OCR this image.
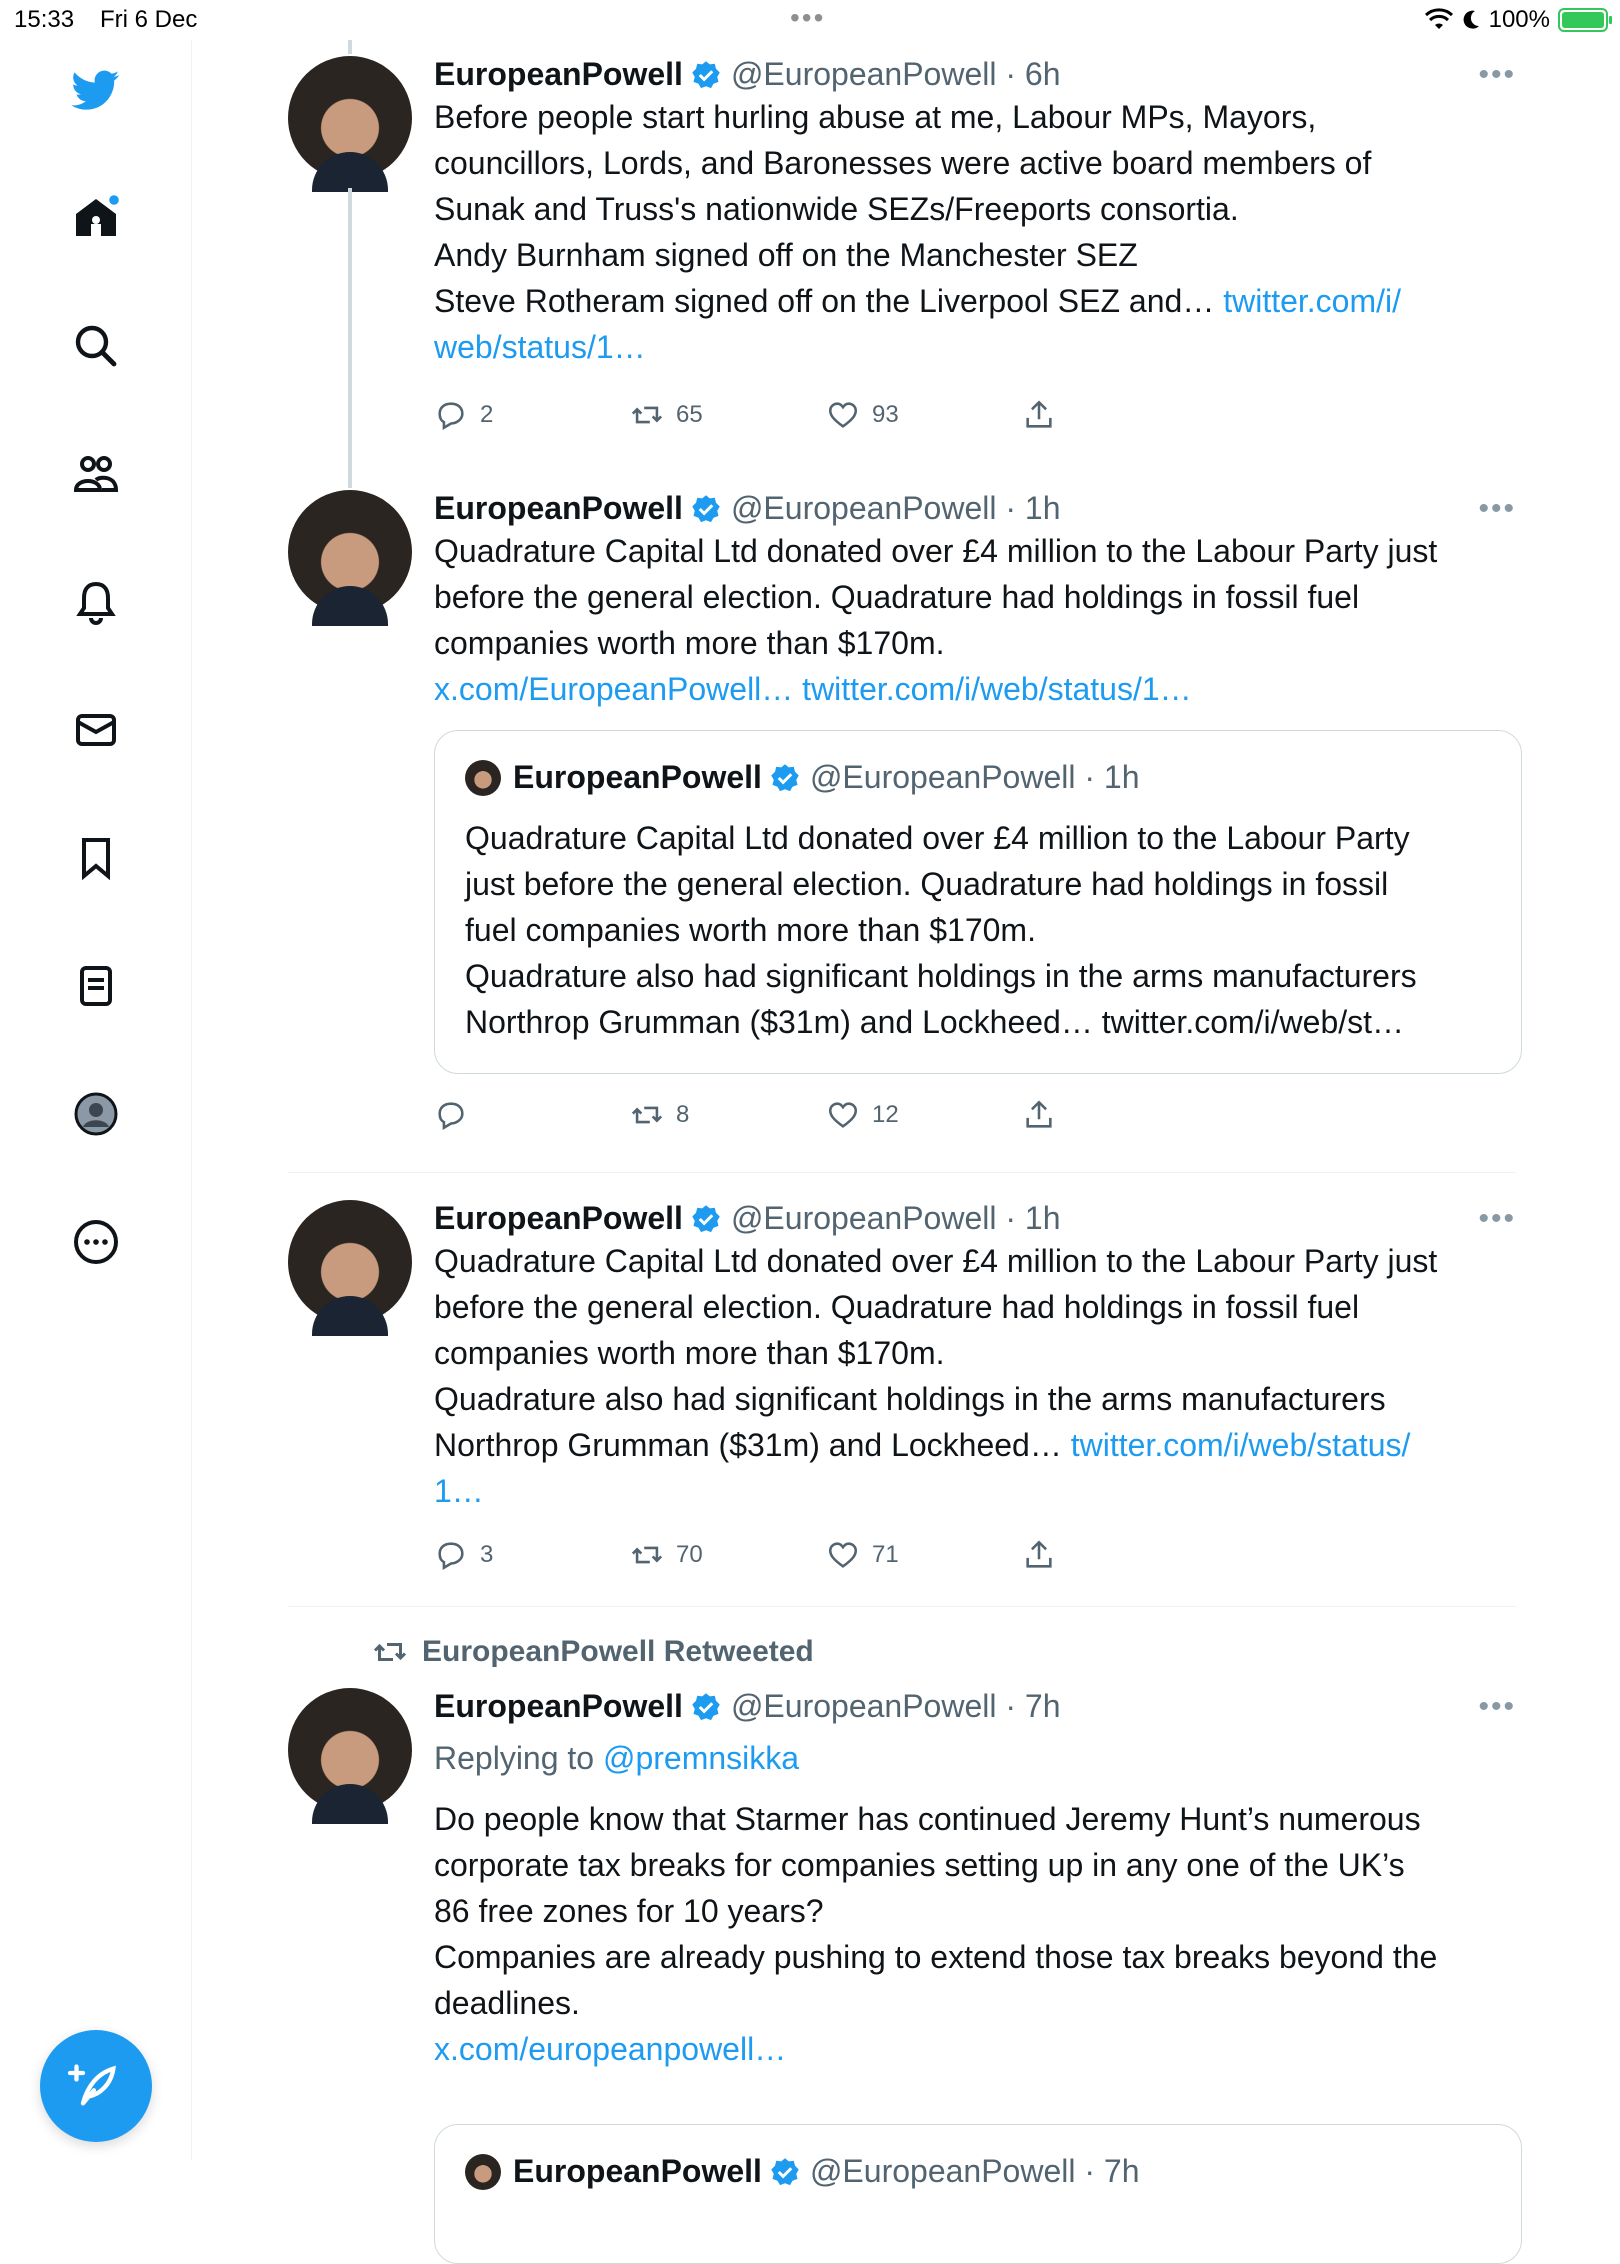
15:33 Fri 6 Dec	•••	100%
EuropeanPowell @EuropeanPowell · 6h	•••
Before people start hurling abuse at me, Labour MPs, Mayors,
councillors, Lords, and Baronesses were active board members of
Sunak and Truss's nationwide SEZs/Freeports consortia.
Andy Burnham signed off on the Manchester SEZ
Steve Rotheram signed off on the Liverpool SEZ and… twitter.com/i/
web/status/1…
2	65	93
EuropeanPowell @EuropeanPowell · 1h	•••
Quadrature Capital Ltd donated over £4 million to the Labour Party just
before the general election. Quadrature had holdings in fossil fuel
companies worth more than $170m.
x.com/EuropeanPowell… twitter.com/i/web/status/1…
EuropeanPowell @EuropeanPowell · 1h
Quadrature Capital Ltd donated over £4 million to the Labour Party
just before the general election. Quadrature had holdings in fossil
fuel companies worth more than $170m.
Quadrature also had significant holdings in the arms manufacturers
Northrop Grumman ($31m) and Lockheed… twitter.com/i/web/st…
8	12
EuropeanPowell @EuropeanPowell · 1h	•••
Quadrature Capital Ltd donated over £4 million to the Labour Party just
before the general election. Quadrature had holdings in fossil fuel
companies worth more than $170m.
Quadrature also had significant holdings in the arms manufacturers
Northrop Grumman ($31m) and Lockheed… twitter.com/i/web/status/
1…
3	70	71
EuropeanPowell Retweeted
EuropeanPowell @EuropeanPowell · 7h	•••
Replying to @premnsikka
Do people know that Starmer has continued Jeremy Hunt’s numerous
corporate tax breaks for companies setting up in any one of the UK’s
86 free zones for 10 years?
Companies are already pushing to extend those tax breaks beyond the
deadlines.
x.com/europeanpowell…
EuropeanPowell @EuropeanPowell · 7h
